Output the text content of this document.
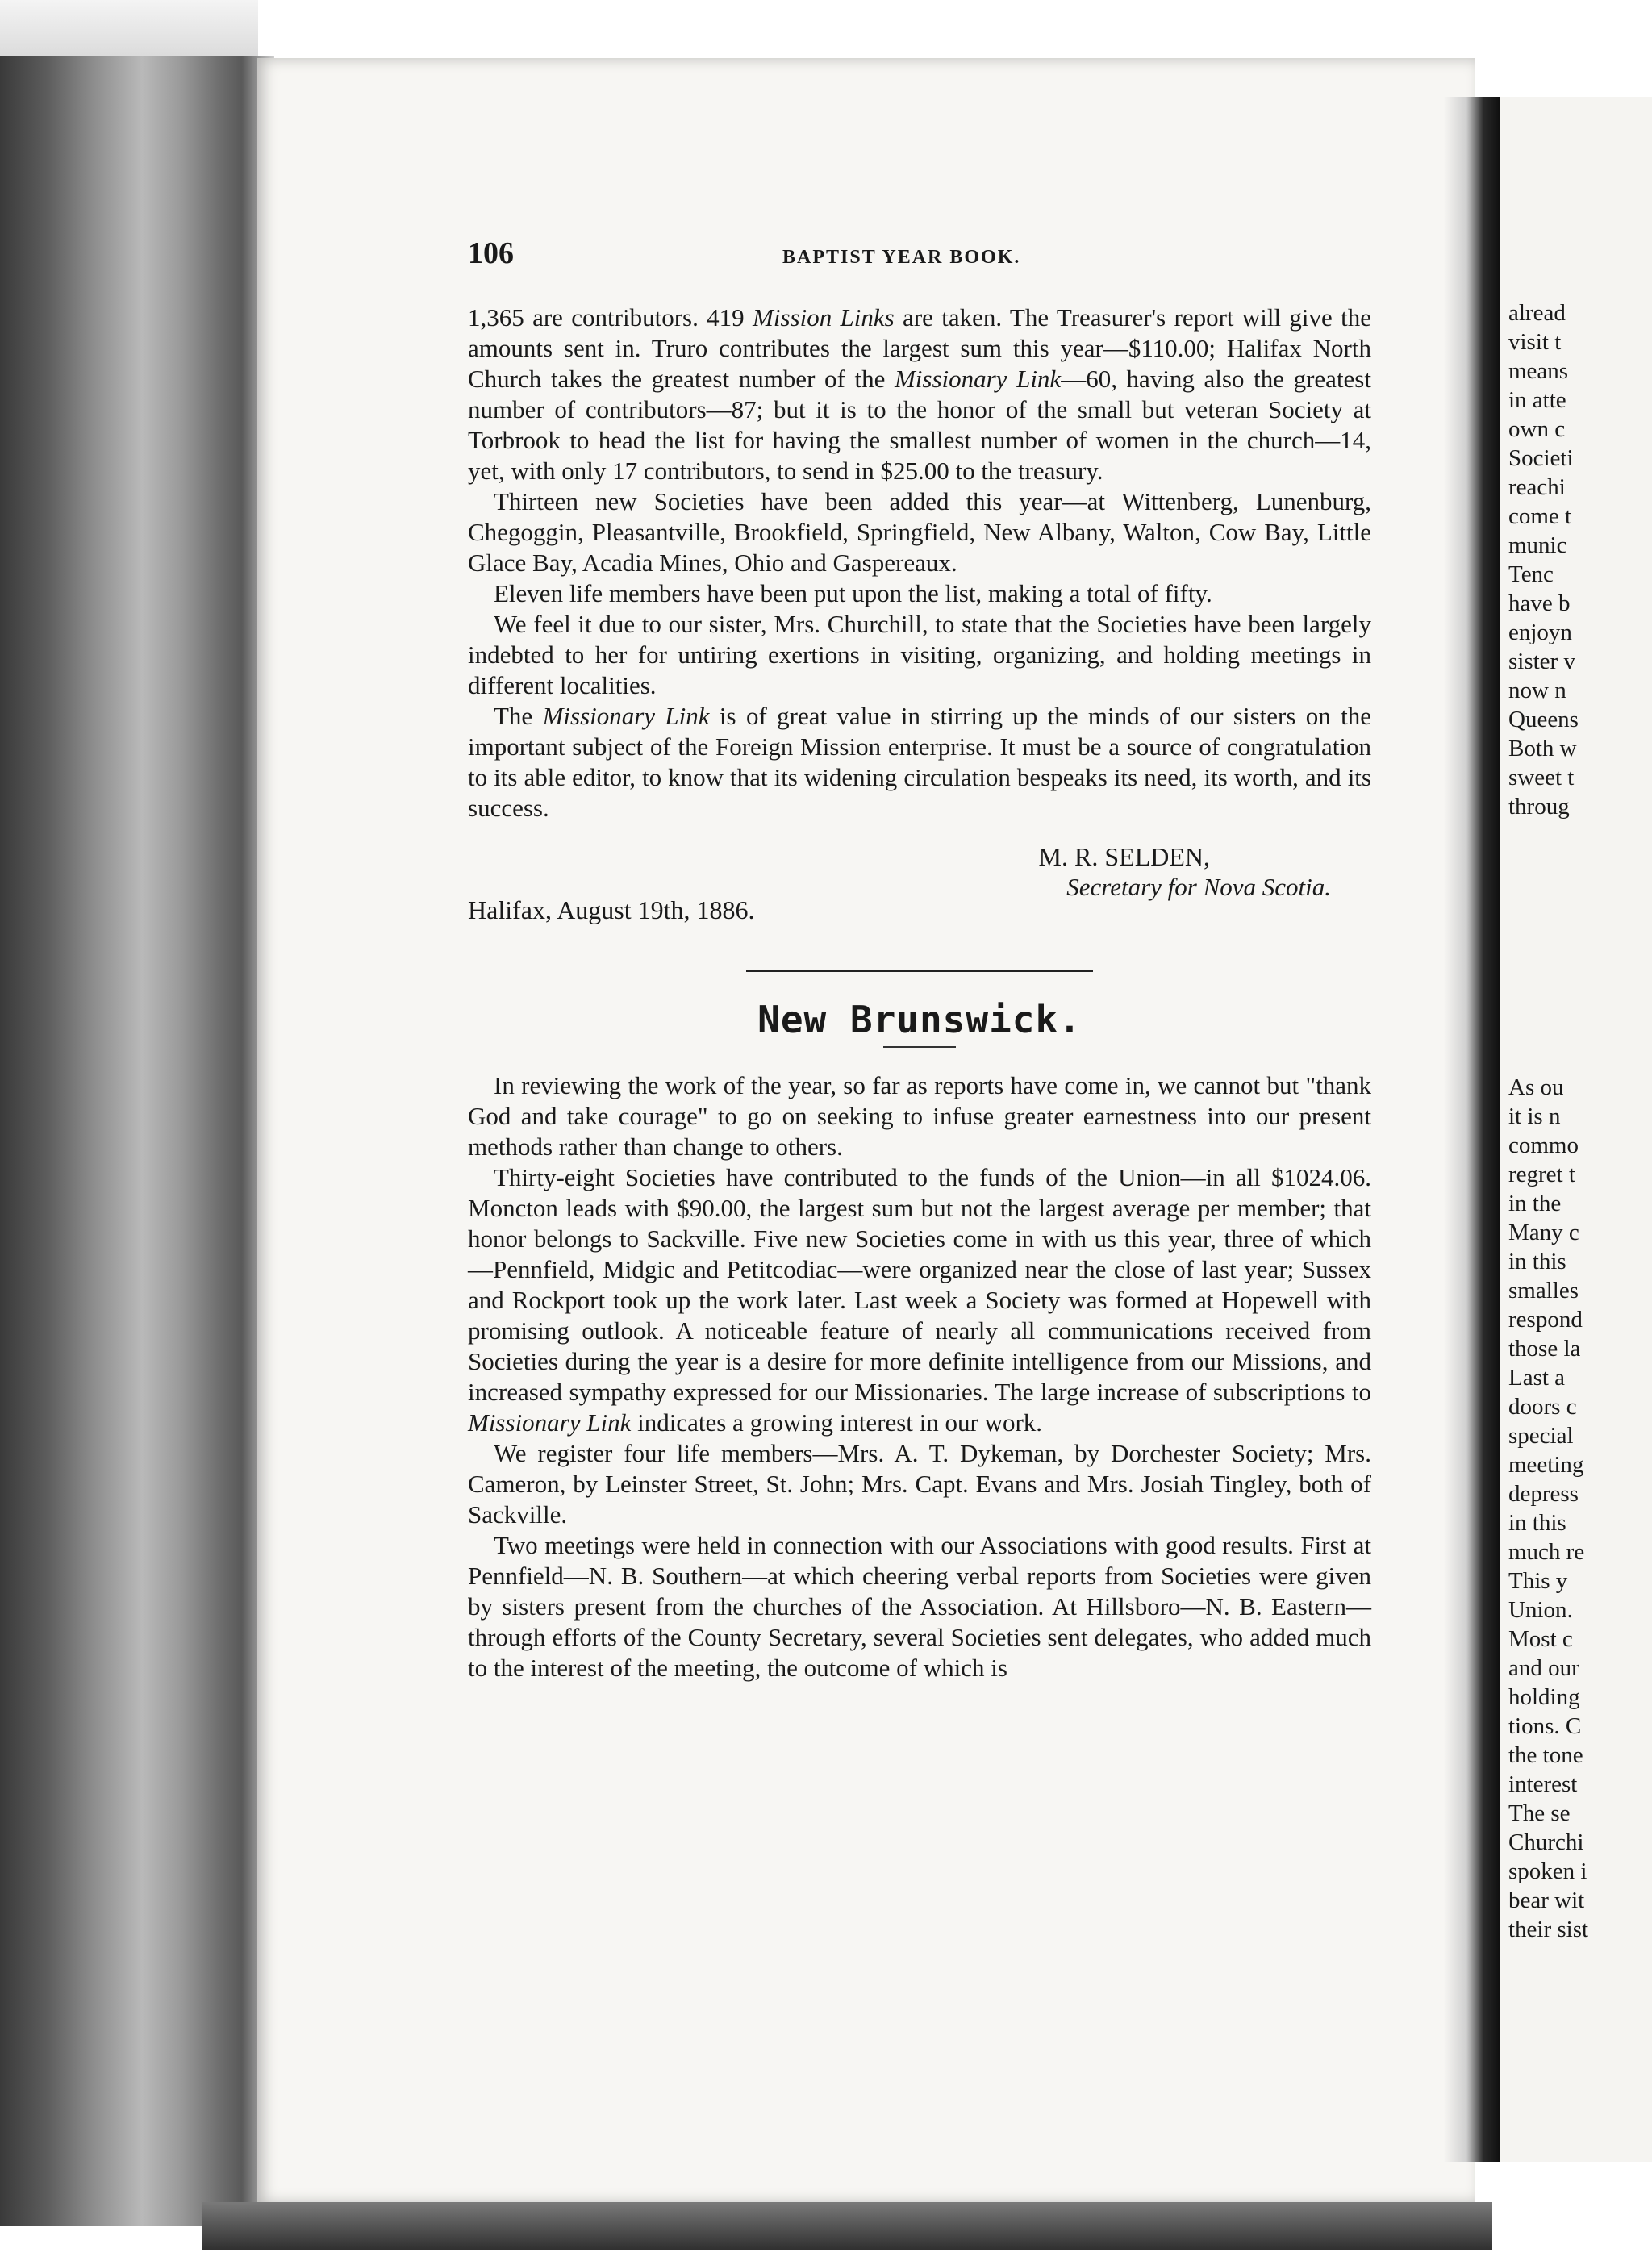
alread
visit t
means
in atte
own c
Societi
reachi
come t
munic
Tenc
have b
enjoyn
sister v
now n
Queens
Both w
sweet t
throug
As ou
it is n
commo
regret t
in the
Many c
in this
smalles
respond
those la
Last a
doors c
special
meeting
depress
in this
much re
This y
Union.
Most c
and our
holding
tions. C
the tone
interest
The se
Churchi
spoken i
bear wit
their sist
106	BAPTIST YEAR BOOK.

1,365 are contributors. 419 Mission Links are taken. The Treasurer's report will give the amounts sent in. Truro contributes the largest sum this year—$110.00; Halifax North Church takes the greatest number of the Missionary Link—60, having also the greatest number of contributors—87; but it is to the honor of the small but veteran Society at Torbrook to head the list for having the smallest number of women in the church—14, yet, with only 17 contributors, to send in $25.00 to the treasury.

Thirteen new Societies have been added this year—at Wittenberg, Lunenburg, Chegoggin, Pleasantville, Brookfield, Springfield, New Albany, Walton, Cow Bay, Little Glace Bay, Acadia Mines, Ohio and Gaspereaux.

Eleven life members have been put upon the list, making a total of fifty.

We feel it due to our sister, Mrs. Churchill, to state that the Societies have been largely indebted to her for untiring exertions in visiting, organizing, and holding meetings in different localities.

The Missionary Link is of great value in stirring up the minds of our sisters on the important subject of the Foreign Mission enterprise. It must be a source of congratulation to its able editor, to know that its widening circulation bespeaks its need, its worth, and its success.

M. R. SELDEN,
Secretary for Nova Scotia.
Halifax, August 19th, 1886.
New Brunswick.

In reviewing the work of the year, so far as reports have come in, we cannot but "thank God and take courage" to go on seeking to infuse greater earnestness into our present methods rather than change to others.

Thirty-eight Societies have contributed to the funds of the Union—in all $1024.06. Moncton leads with $90.00, the largest sum but not the largest average per member; that honor belongs to Sackville. Five new Societies come in with us this year, three of which—Pennfield, Midgic and Petitcodiac—were organized near the close of last year; Sussex and Rockport took up the work later. Last week a Society was formed at Hopewell with promising outlook. A noticeable feature of nearly all communications received from Societies during the year is a desire for more definite intelligence from our Missions, and increased sympathy expressed for our Missionaries. The large increase of subscriptions to Missionary Link indicates a growing interest in our work.

We register four life members—Mrs. A. T. Dykeman, by Dorchester Society; Mrs. Cameron, by Leinster Street, St. John; Mrs. Capt. Evans and Mrs. Josiah Tingley, both of Sackville.

Two meetings were held in connection with our Associations with good results. First at Pennfield—N. B. Southern—at which cheering verbal reports from Societies were given by sisters present from the churches of the Association. At Hillsboro—N. B. Eastern—through efforts of the County Secretary, several Societies sent delegates, who added much to the interest of the meeting, the outcome of which is
